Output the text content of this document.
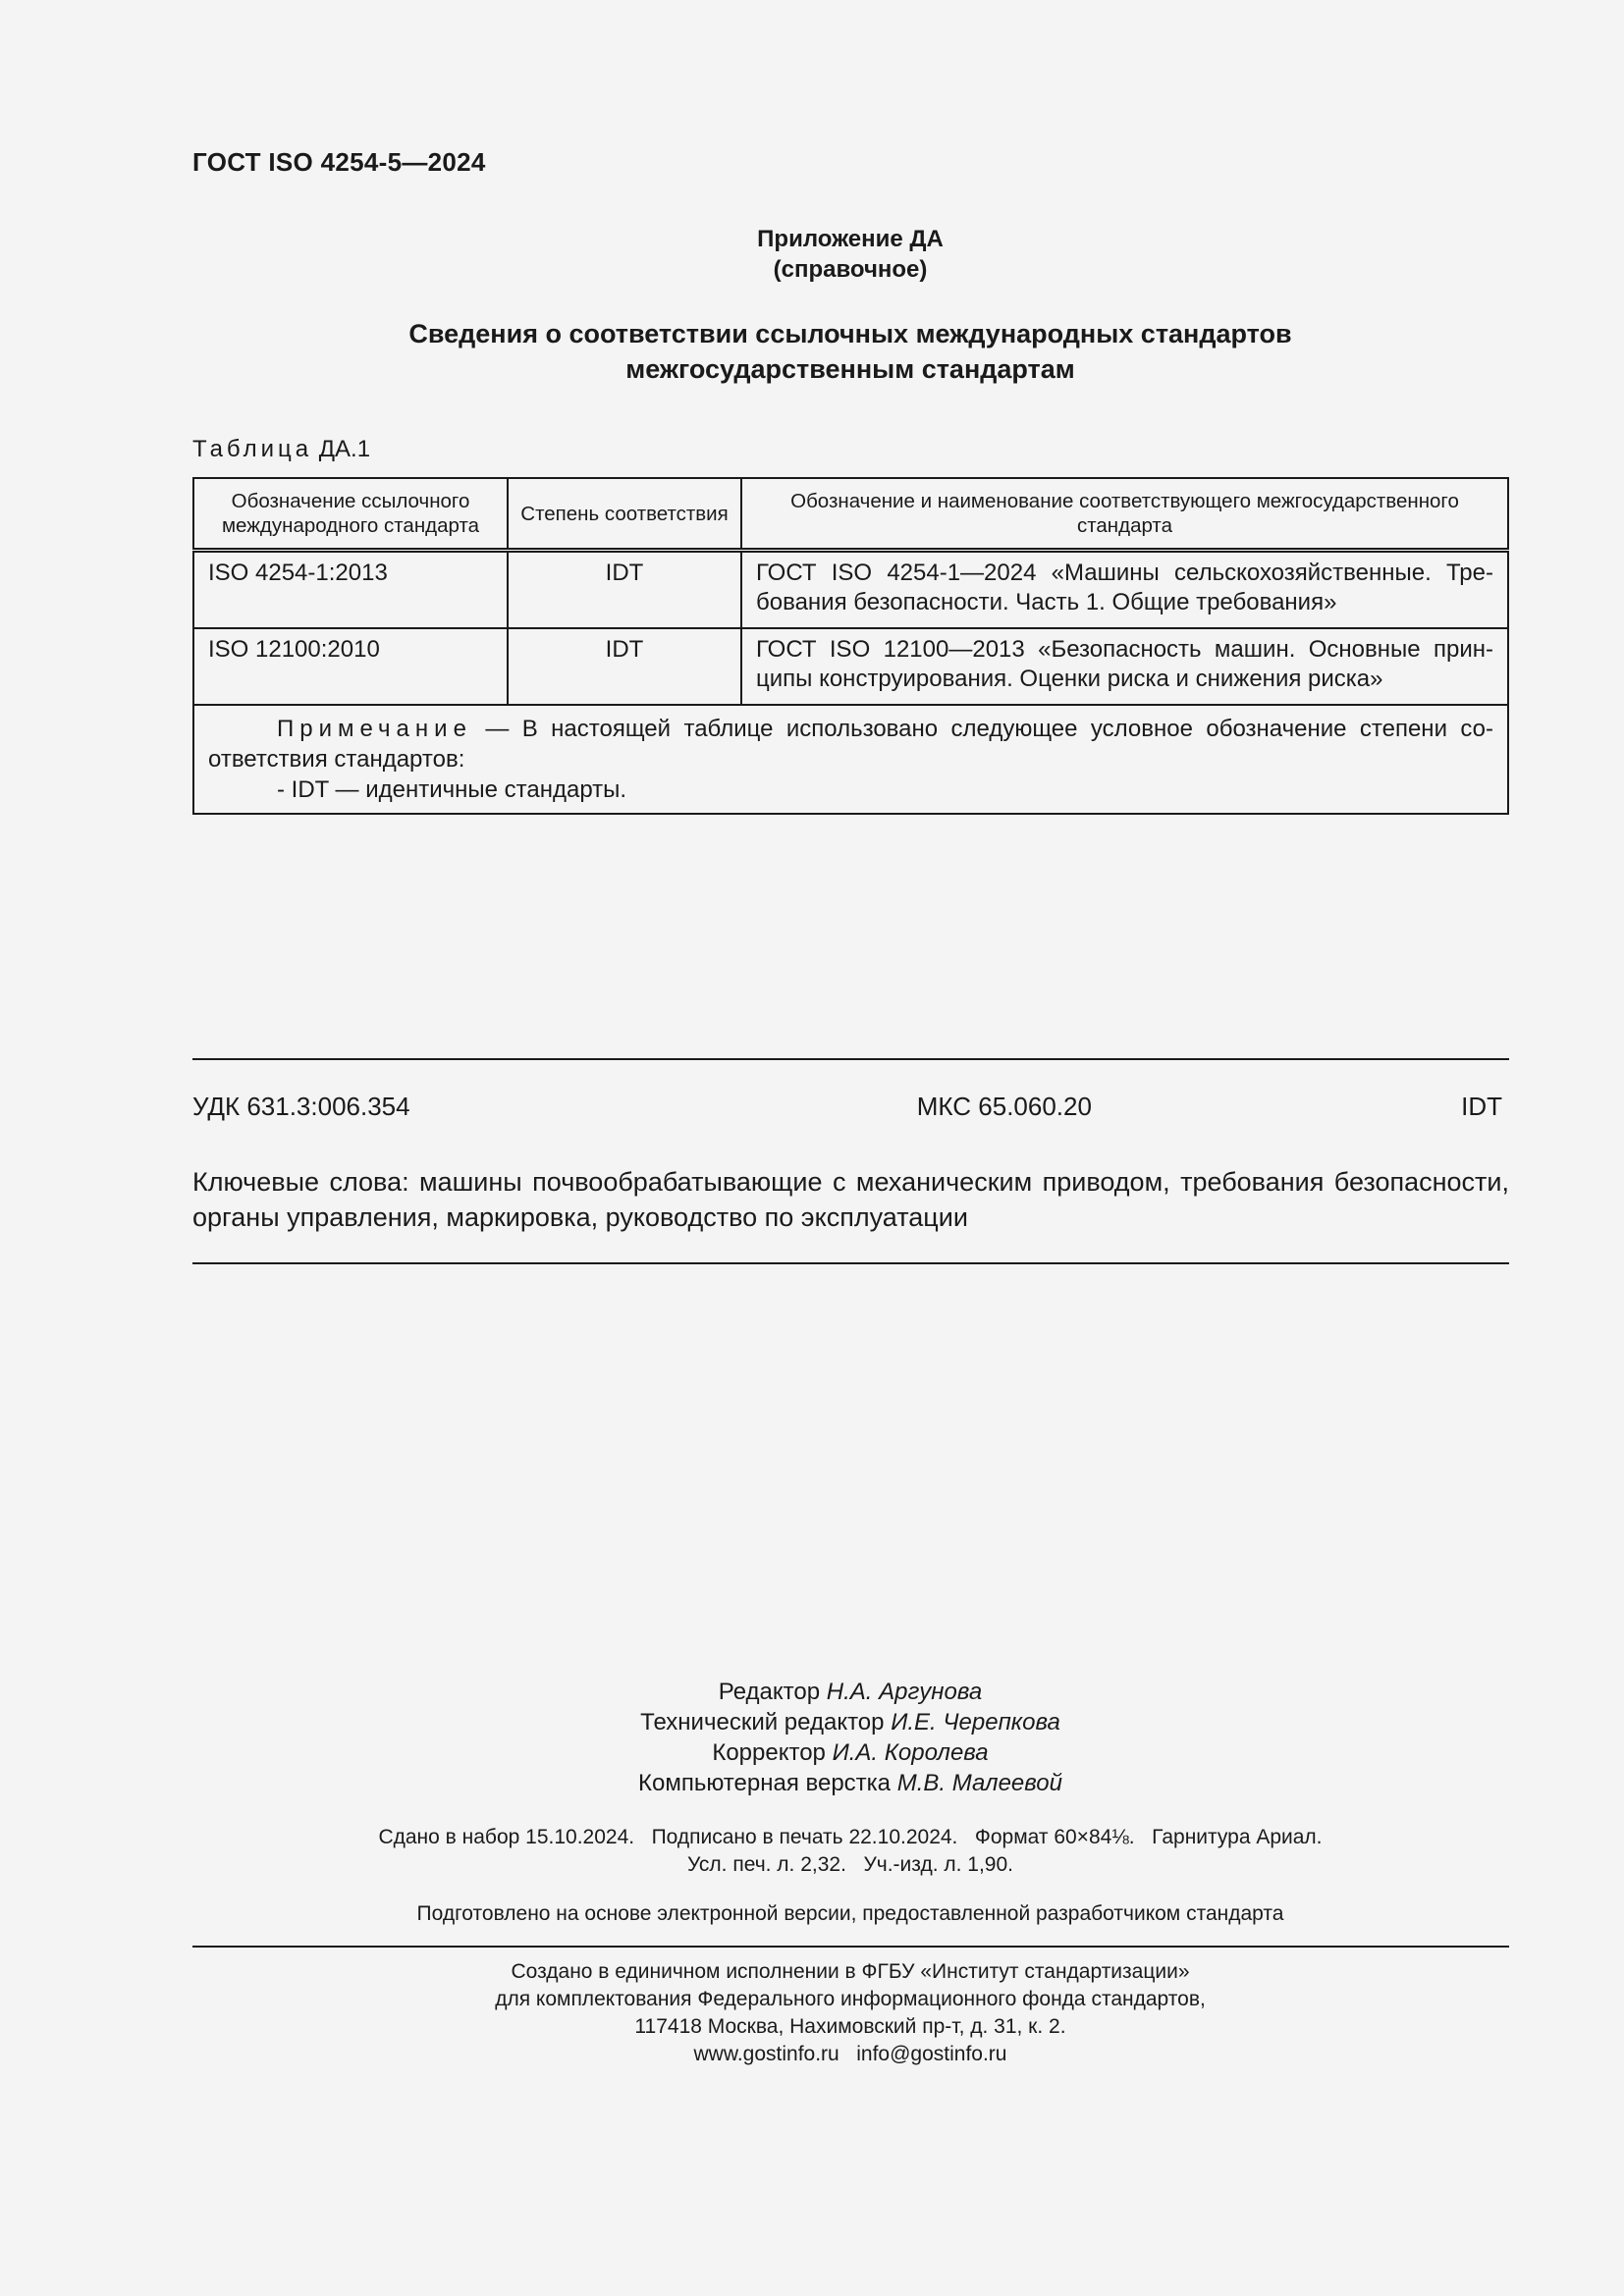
ГОСТ ISO 4254-5—2024
Приложение ДА
(справочное)
Сведения о соответствии ссылочных международных стандартов
межгосударственным стандартам
Таблица ДА.1
Обозначение ссылочного международного стандарта	Степень соответствия	Обозначение и наименование соответствующего межгосударственного стандарта
ISO 4254-1:2013	IDT	ГОСТ ISO 4254-1—2024 «Машины сельскохозяйственные. Требования безопасности. Часть 1. Общие требования»
ISO 12100:2010	IDT	ГОСТ ISO 12100—2013 «Безопасность машин. Основные принципы конструирования. Оценки риска и снижения риска»

Примечание — В настоящей таблице использовано следующее условное обозначение степени соответствия стандартов:
- IDT — идентичные стандарты.		
УДК 631.3:006.354	МКС 65.060.20	IDT
Ключевые слова: машины почвообрабатывающие с механическим приводом, требования безопасности, органы управления, маркировка, руководство по эксплуатации
Редактор Н.А. Аргунова
Технический редактор И.Е. Черепкова
Корректор И.А. Королева
Компьютерная верстка М.В. Малеевой
Сдано в набор 15.10.2024.   Подписано в печать 22.10.2024.   Формат 60×84⅛.   Гарнитура Ариал.
Усл. печ. л. 2,32.   Уч.-изд. л. 1,90.
Подготовлено на основе электронной версии, предоставленной разработчиком стандарта
Создано в единичном исполнении в ФГБУ «Институт стандартизации»
для комплектования Федерального информационного фонда стандартов,
117418 Москва, Нахимовский пр-т, д. 31, к. 2.
www.gostinfo.ru info@gostinfo.ru
